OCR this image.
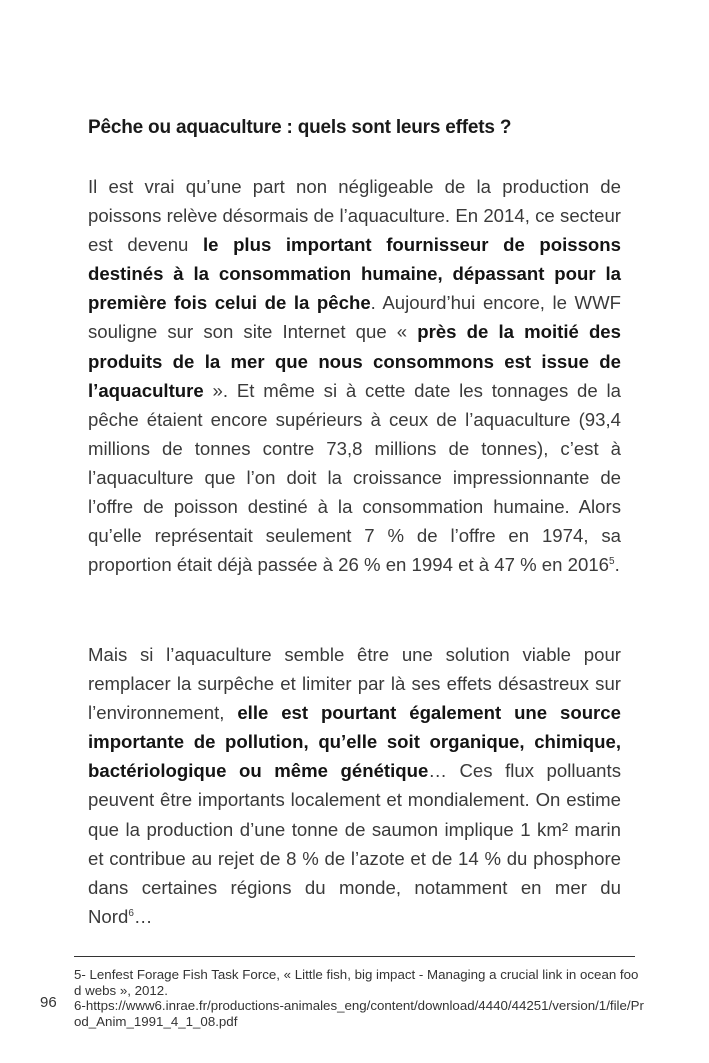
Pêche ou aquaculture : quels sont leurs effets ?

Il est vrai qu’une part non négligeable de la production de poissons relève désormais de l’aquaculture. En 2014, ce secteur est devenu le plus important fournisseur de poissons destinés à la consommation humaine, dépassant pour la première fois celui de la pêche. Aujourd’hui encore, le WWF souligne sur son site Internet que « près de la moitié des produits de la mer que nous consommons est issue de l’aquaculture ». Et même si à cette date les tonnages de la pêche étaient encore supérieurs à ceux de l’aquaculture (93,4 millions de tonnes contre 73,8 millions de tonnes), c’est à l’aquaculture que l’on doit la croissance impressionnante de l’offre de poisson destiné à la consommation humaine. Alors qu’elle représentait seulement 7 % de l’offre en 1974, sa proportion était déjà passée à 26 % en 1994 et à 47 % en 2016$^5$.

Mais si l’aquaculture semble être une solution viable pour remplacer la surpêche et limiter par là ses effets désastreux sur l’environnement, elle est pourtant également une source importante de pollution, qu’elle soit organique, chimique, bactériologique ou même génétique… Ces flux polluants peuvent être importants localement et mondialement. On estime que la production d’une tonne de saumon implique 1 km² marin et contribue au rejet de 8 % de l’azote et de 14 % du phosphore dans certaines régions du monde, notamment en mer du Nord$^6$…

5- Lenfest Forage Fish Task Force, « Little fish, big impact - Managing a crucial link in ocean food webs », 2012.
6-https://www6.inrae.fr/productions-animales_eng/content/download/4440/44251/version/1/file/Prod_Anim_1991_4_1_08.pdf
96
